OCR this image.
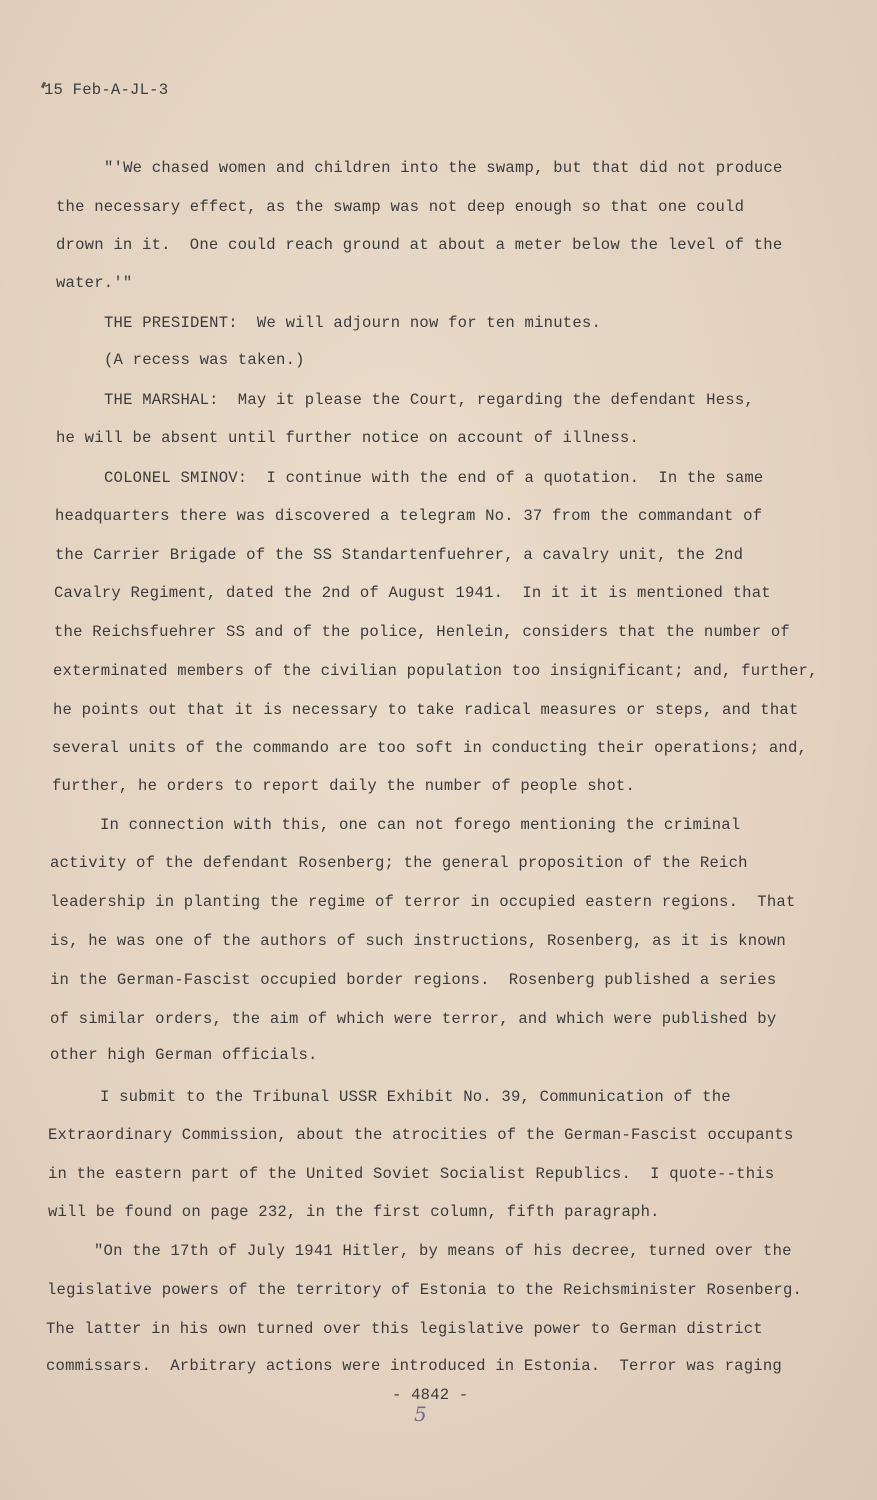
15 Feb-A-JL-3

"'We chased women and children into the swamp, but that did not produce

the necessary effect, as the swamp was not deep enough so that one could

drown in it.  One could reach ground at about a meter below the level of the

water.'"

THE PRESIDENT:  We will adjourn now for ten minutes.

(A recess was taken.)

THE MARSHAL:  May it please the Court, regarding the defendant Hess,

he will be absent until further notice on account of illness.

COLONEL SMINOV:  I continue with the end of a quotation.  In the same

headquarters there was discovered a telegram No. 37 from the commandant of

the Carrier Brigade of the SS Standartenfuehrer, a cavalry unit, the 2nd

Cavalry Regiment, dated the 2nd of August 1941.  In it it is mentioned that

the Reichsfuehrer SS and of the police, Henlein, considers that the number of

exterminated members of the civilian population too insignificant; and, further,

he points out that it is necessary to take radical measures or steps, and that

several units of the commando are too soft in conducting their operations; and,

further, he orders to report daily the number of people shot.

In connection with this, one can not forego mentioning the criminal

activity of the defendant Rosenberg; the general proposition of the Reich

leadership in planting the regime of terror in occupied eastern regions.  That

is, he was one of the authors of such instructions, Rosenberg, as it is known

in the German-Fascist occupied border regions.  Rosenberg published a series

of similar orders, the aim of which were terror, and which were published by

other high German officials.

I submit to the Tribunal USSR Exhibit No. 39, Communication of the

Extraordinary Commission, about the atrocities of the German-Fascist occupants

in the eastern part of the United Soviet Socialist Republics.  I quote--this

will be found on page 232, in the first column, fifth paragraph.

"On the 17th of July 1941 Hitler, by means of his decree, turned over the

legislative powers of the territory of Estonia to the Reichsminister Rosenberg.

The latter in his own turned over this legislative power to German district

commissars.  Arbitrary actions were introduced in Estonia.  Terror was raging

- 4842 -
5
